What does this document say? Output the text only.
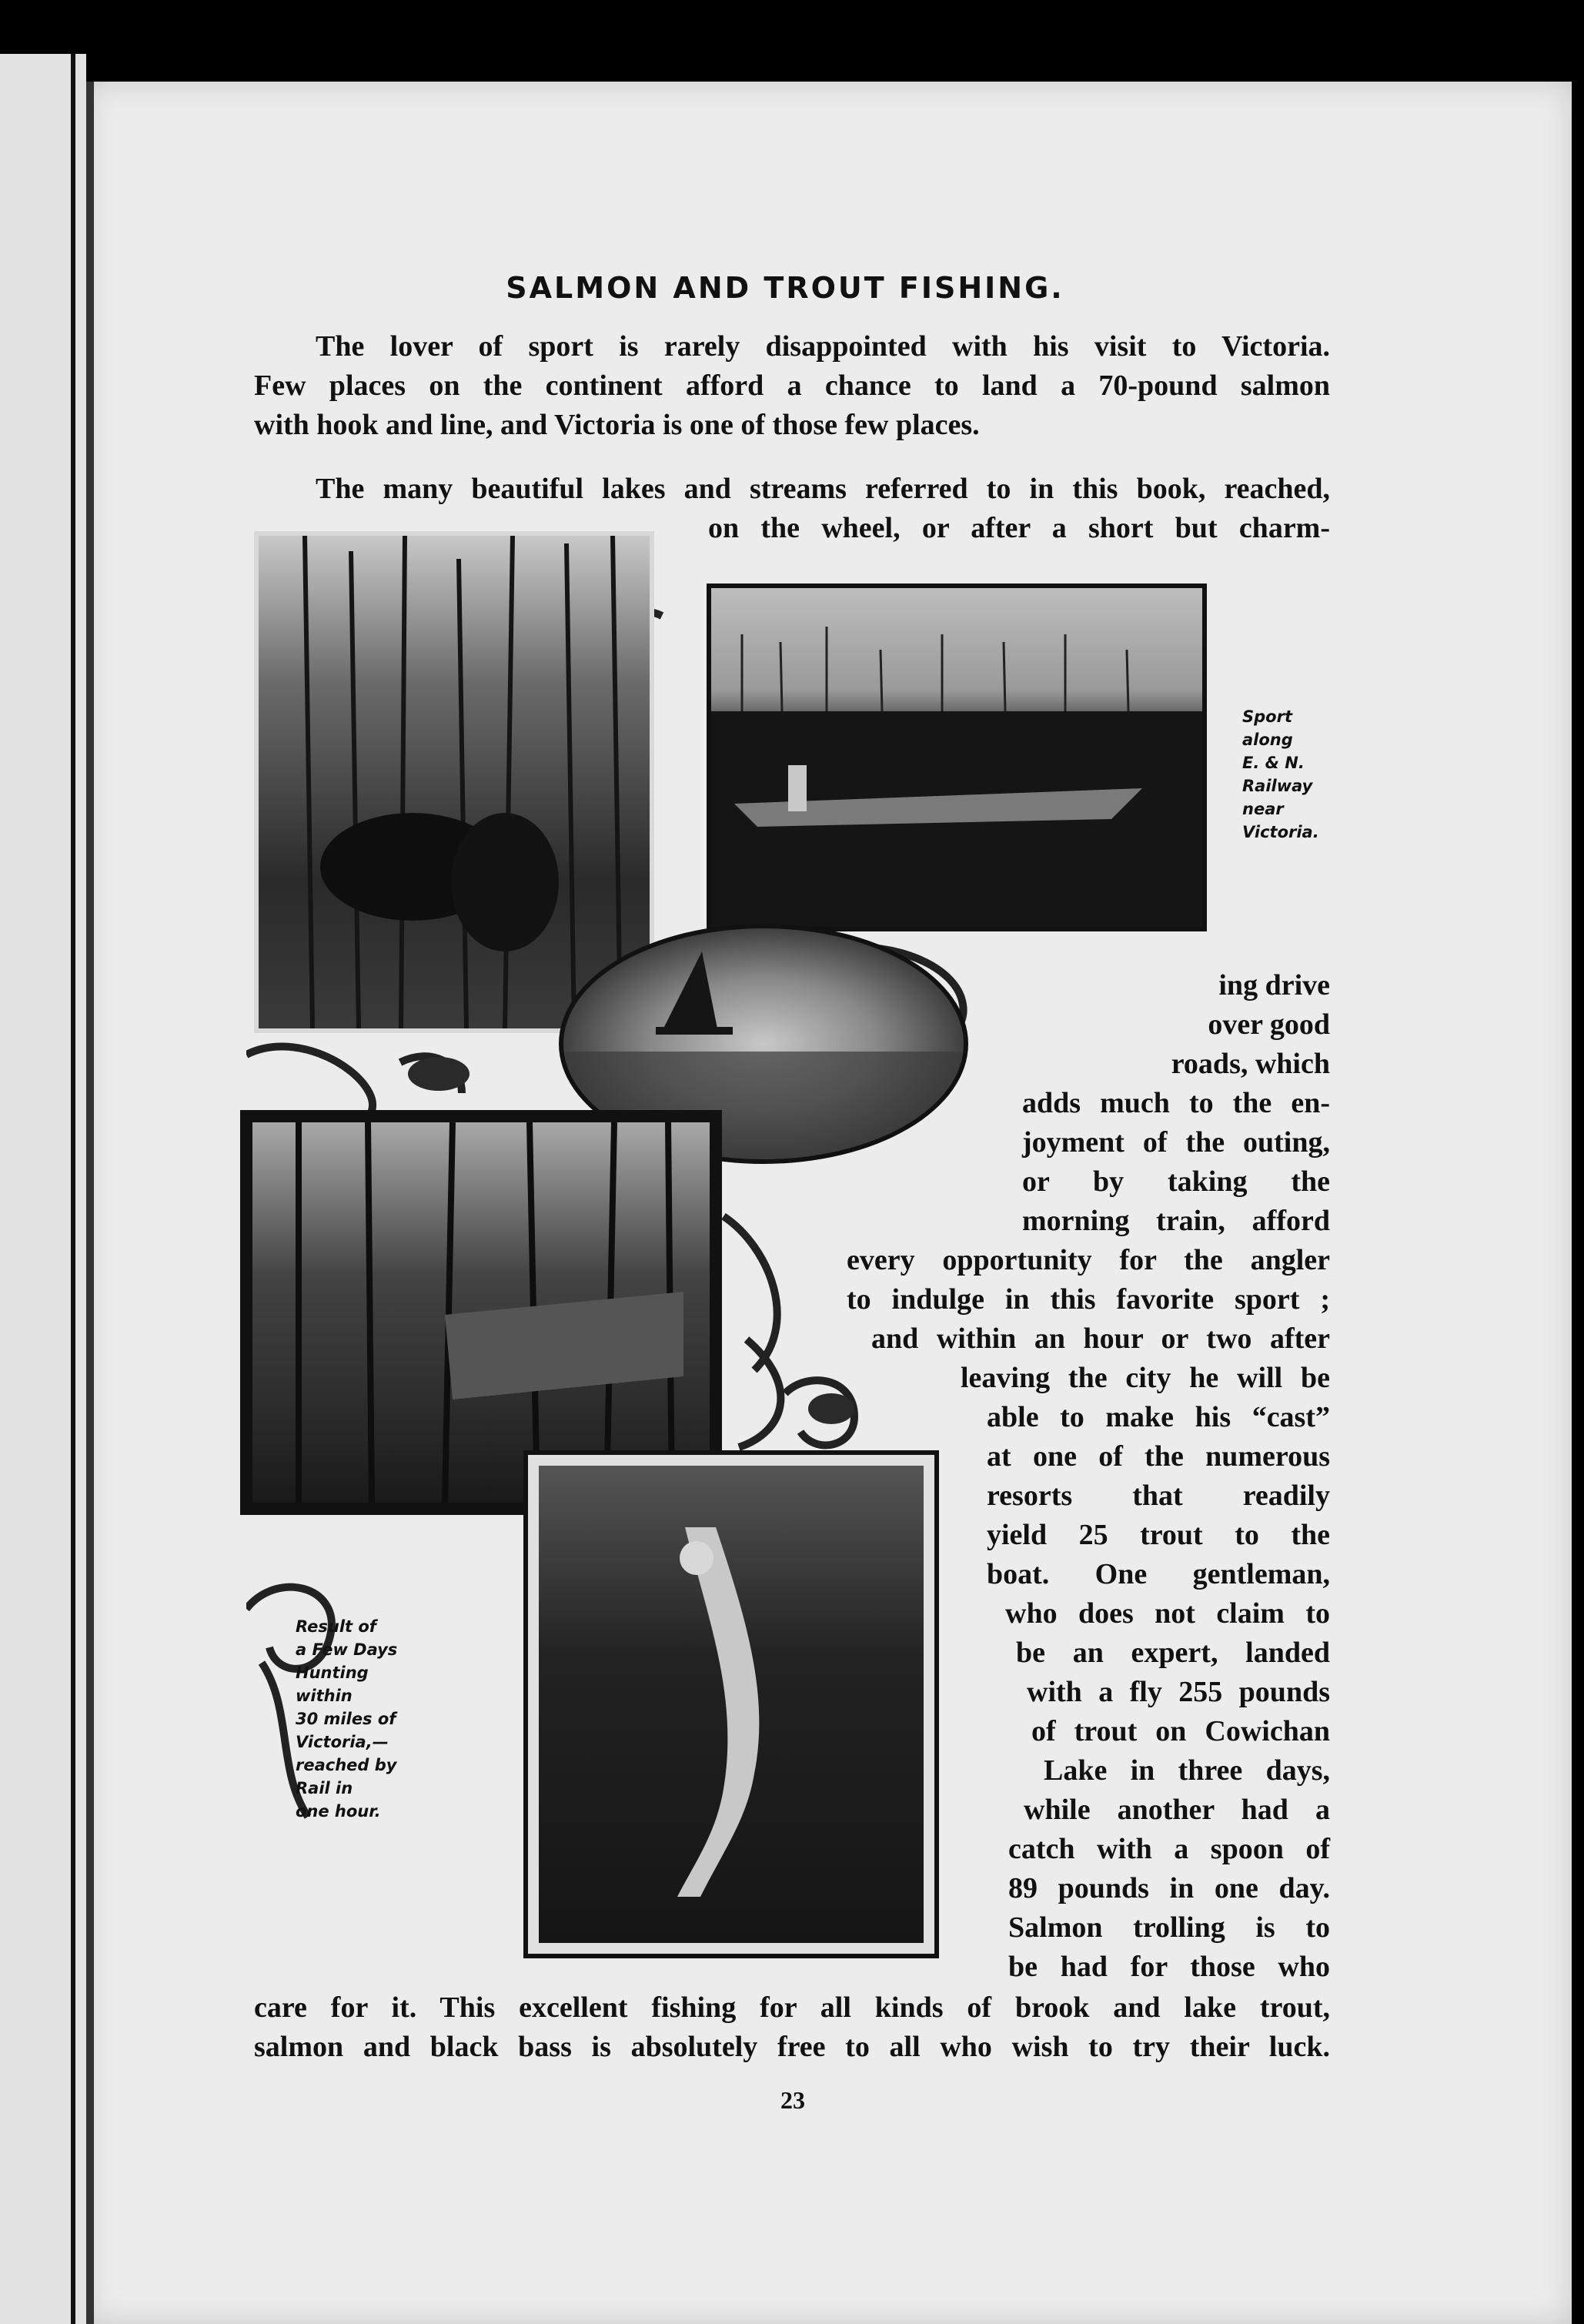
SALMON AND TROUT FISHING.
The lover of sport is rarely disappointed with his visit to Victoria.
Few places on the continent afford a chance to land a 70-pound salmon
with hook and line, and Victoria is one of those few places.
The many beautiful lakes and streams referred to in this book, reached,
on the wheel, or after a short but charm-
Sport
along
E. & N.
Railway
near
Victoria.
Result of
a Few Days
Hunting
within
30 miles of
Victoria,—
reached by
Rail in
one hour.
ing drive
over good
roads, which
adds much to the en-
joyment of the outing,
or by taking the
morning train, afford
every opportunity for the angler
to indulge in this favorite sport ;
and within an hour or two after
leaving the city he will be
able to make his “cast”
at one of the numerous
resorts that readily
yield 25 trout to the
boat. One gentleman,
who does not claim to
be an expert, landed
with a fly 255 pounds
of trout on Cowichan
Lake in three days,
while another had a
catch with a spoon of
89 pounds in one day.
Salmon trolling is to
be had for those who
care for it. This excellent fishing for all kinds of brook and lake trout,
salmon and black bass is absolutely free to all who wish to try their luck.
23
